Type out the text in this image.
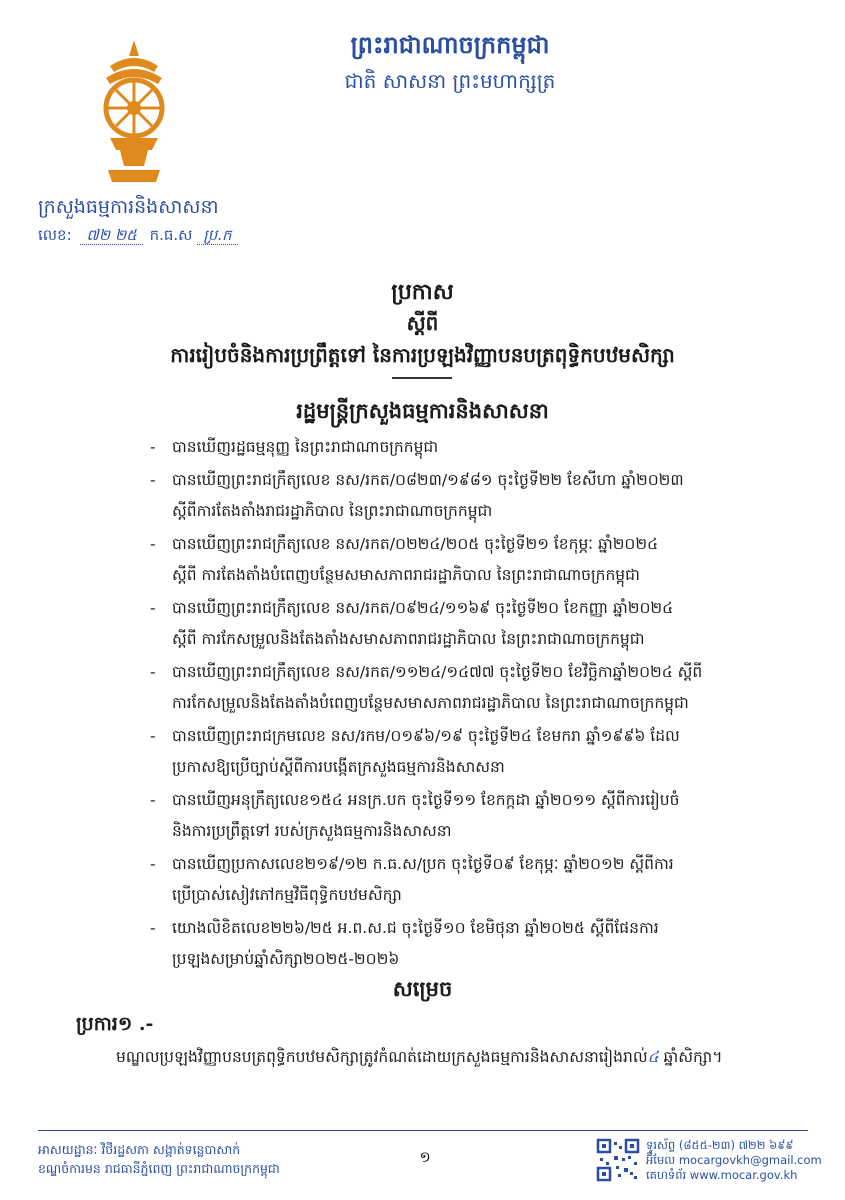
ព្រះរាជាណាចក្រកម្ពុជា
ជាតិ សាសនា ព្រះមហាក្សត្រ
ក្រសួងធម្មការនិងសាសនា
លេខ: ៧២ ២៥ ក.ធ.ស ប្រ.ក
ប្រកាស
ស្តីពី
ការរៀបចំនិងការប្រព្រឹត្តទៅ នៃការប្រឡងវិញ្ញាបនបត្រពុទ្ធិកបឋមសិក្សា
រដ្ឋមន្ត្រីក្រសួងធម្មការនិងសាសនា
- បានឃើញរដ្ឋធម្មនុញ្ញ នៃព្រះរាជាណាចក្រកម្ពុជា
- បានឃើញព្រះរាជក្រឹត្យលេខ នស/រកត/០៨២៣/១៩៨១ ចុះថ្ងៃទី២២ ខែសីហា ឆ្នាំ២០២៣
ស្តីពីការតែងតាំងរាជរដ្ឋាភិបាល នៃព្រះរាជាណាចក្រកម្ពុជា
- បានឃើញព្រះរាជក្រឹត្យលេខ នស/រកត/០២២៤/២០៥ ចុះថ្ងៃទី២១ ខែកុម្ភៈ ឆ្នាំ២០២៤
ស្តីពី ការតែងតាំងបំពេញបន្ថែមសមាសភាពរាជរដ្ឋាភិបាល នៃព្រះរាជាណាចក្រកម្ពុជា
- បានឃើញព្រះរាជក្រឹត្យលេខ នស/រកត/០៩២៤/១១៦៩ ចុះថ្ងៃទី២០ ខែកញ្ញា ឆ្នាំ២០២៤
ស្តីពី ការកែសម្រួលនិងតែងតាំងសមាសភាពរាជរដ្ឋាភិបាល នៃព្រះរាជាណាចក្រកម្ពុជា
- បានឃើញព្រះរាជក្រឹត្យលេខ នស/រកត/១១២៤/១៤៧៧ ចុះថ្ងៃទី២០ ខែវិច្ឆិកាឆ្នាំ២០២៤ ស្តីពី
ការកែសម្រួលនិងតែងតាំងបំពេញបន្ថែមសមាសភាពរាជរដ្ឋាភិបាល នៃព្រះរាជាណាចក្រកម្ពុជា
- បានឃើញព្រះរាជក្រមលេខ នស/រកម/០១៩៦/១៩ ចុះថ្ងៃទី២៤ ខែមករា ឆ្នាំ១៩៩៦ ដែល
ប្រកាសឱ្យប្រើច្បាប់ស្តីពីការបង្កើតក្រសួងធម្មការនិងសាសនា
- បានឃើញអនុក្រឹត្យលេខ១៥៤ អនក្រ.បក ចុះថ្ងៃទី១១ ខែកក្កដា ឆ្នាំ២០១១ ស្តីពីការរៀបចំ
និងការប្រព្រឹត្តទៅ របស់ក្រសួងធម្មការនិងសាសនា
- បានឃើញប្រកាសលេខ២១៩/១២ ក.ធ.ស/ប្រក ចុះថ្ងៃទី០៩ ខែកុម្ភៈ ឆ្នាំ២០១២ ស្តីពីការ
ប្រើប្រាស់សៀវភៅកម្មវិធីពុទ្ធិកបឋមសិក្សា
- យោងលិខិតលេខ២២៦/២៥ អ.ព.ស.ជ ចុះថ្ងៃទី១០ ខែមិថុនា ឆ្នាំ២០២៥ ស្តីពីផែនការ
ប្រឡងសម្រាប់ឆ្នាំសិក្សា២០២៥-២០២៦
សម្រេច
ប្រការ១ .-
មណ្ឌលប្រឡងវិញ្ញាបនបត្រពុទ្ធិកបឋមសិក្សាត្រូវកំណត់ដោយក្រសួងធម្មការនិងសាសនារៀងរាល់៤ ឆ្នាំសិក្សា។
អាសយដ្ឋានៈ វិថីរដ្ឋសភា សង្កាត់ទន្លេបាសាក់
ខណ្ឌចំការមន រាជធានីភ្នំពេញ ព្រះរាជាណាចក្រកម្ពុជា
១
ទូរស័ព្ទ (៨៥៥-២៣) ៧២២ ៦៩៩
អ៊ីមែល mocargovkh@gmail.com
គេហទំព័រ www.mocar.gov.kh
